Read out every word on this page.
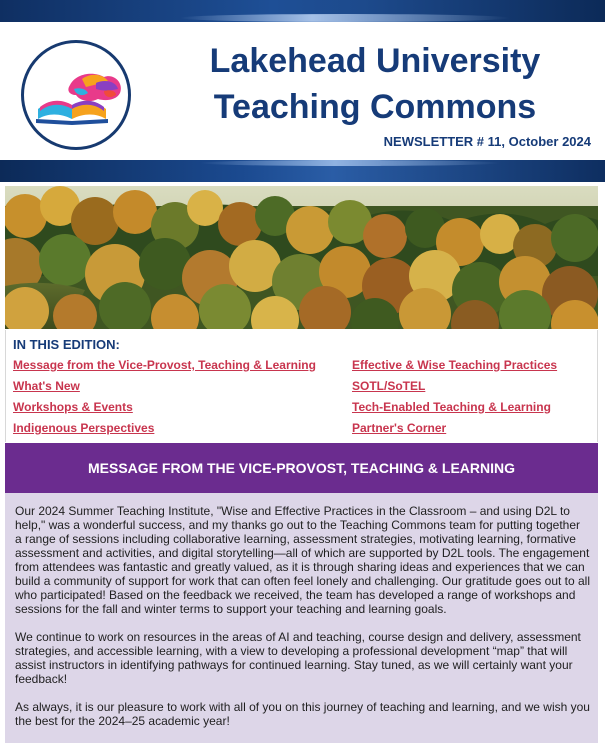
Lakehead University
Teaching Commons
NEWSLETTER # 11, October 2024
IN THIS EDITION:
Message from the Vice-Provost, Teaching & Learning
What's New
Workshops & Events
Indigenous Perspectives
Effective & Wise Teaching Practices
SOTL/SoTEL
Tech-Enabled Teaching & Learning
Partner's Corner
MESSAGE FROM THE VICE-PROVOST, TEACHING & LEARNING

Our 2024 Summer Teaching Institute, "Wise and Effective Practices in the Classroom – and using D2L to help," was a wonderful success, and my thanks go out to the Teaching Commons team for putting together a range of sessions including collaborative learning, assessment strategies, motivating learning, formative assessment and activities, and digital storytelling—all of which are supported by D2L tools. The engagement from attendees was fantastic and greatly valued, as it is through sharing ideas and experiences that we can build a community of support for work that can often feel lonely and challenging. Our gratitude goes out to all who participated! Based on the feedback we received, the team has developed a range of workshops and sessions for the fall and winter terms to support your teaching and learning goals.

We continue to work on resources in the areas of AI and teaching, course design and delivery, assessment strategies, and accessible learning, with a view to developing a professional development “map” that will assist instructors in identifying pathways for continued learning. Stay tuned, as we will certainly want your feedback!

As always, it is our pleasure to work with all of you on this journey of teaching and learning, and we wish you the best for the 2024–25 academic year!
